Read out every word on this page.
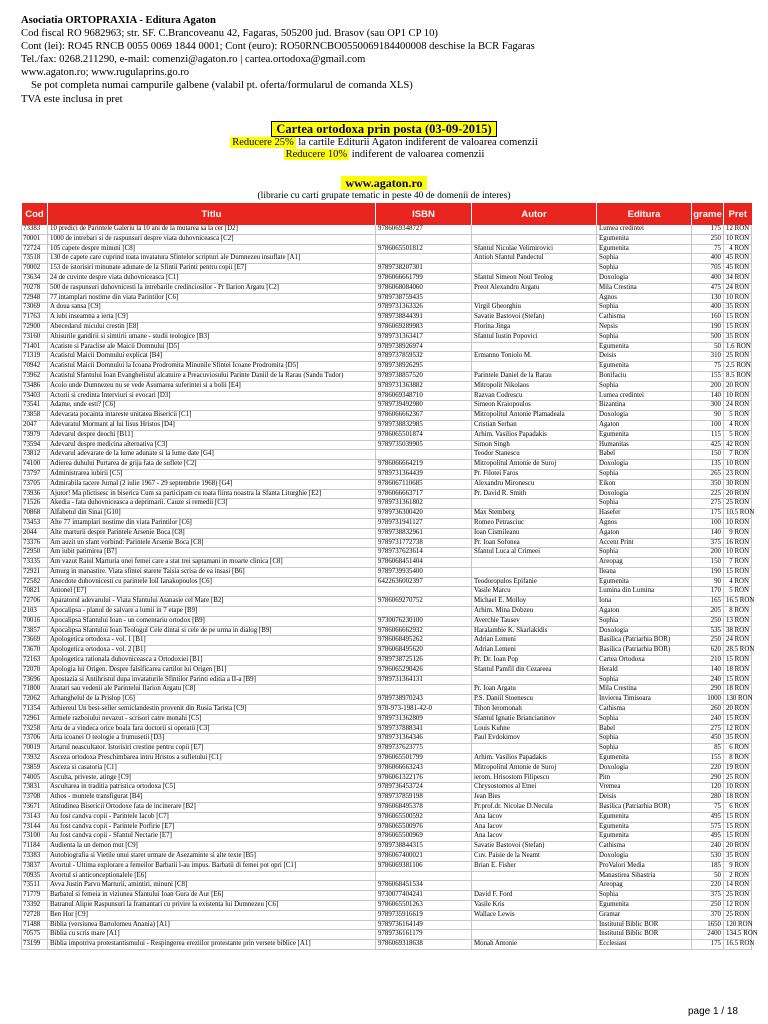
Asociatia ORTOPRAXIA - Editura Agaton
Cod fiscal RO 9682963; str. SF. C.Brancoveanu 42, Fagaras, 505200 jud. Brasov (sau OP1 CP 10)
Cont (lei): RO45 RNCB 0055 0069 1844 0001; Cont (euro): RO50RNCBO0550069184400008 deschise la BCR Fagaras
Tel./fax: 0268.211290, e-mail: comenzi@agaton.ro | cartea.ortodoxa@gmail.com
www.agaton.ro; www.rugulaprins.go.ro
Se pot completa numai campurile galbene (valabil pt. oferta/formularul de comanda XLS)
TVA este inclusa in pret
Cartea ortodoxa prin posta (03-09-2015)
Reducere 25% la cartile Editurii Agaton indiferent de valoarea comenzii
Reducere 10% indiferent de valoarea comenzii
www.agaton.ro
(librarie cu carti grupate tematic in peste 40 de domenii de interes)
Cod	Titlu	ISBN	Autor	Editura	grame	Pret
73383	10 predici de Parintele Galeriu la 10 ani de la mutarea sa la cer [D2]	9786069348727		Lumea credintei	175	12 RON
70001	1000 de intrebari si de raspunsuri despre viata duhovniceasca [C2]			Egumenita	250	10 RON
72724	105 capete despre minuni [C8]	9786065501812	Sfantul Nicolae Velimirovici	Egumenita	75	4 RON
73518	130 de capete care cuprind toata invatatura Sfintelor scripturi ale Dumnezeu insuflate [A1]		Antioh Sfantul Pandectul	Sophia	400	45 RON
70002	153 de istorisiri minunate adunate de la Sfintii Parinti pentru copii [E7]	9789738207301		Sophia	705	45 RON
73634	24 de cuvinte despre viata duhovniceasca [C1]	9786066661799	Sfantul Simeon Noul Teolog	Doxologia	400	34 RON
70278	500 de raspunsuri duhovnicesti la intrebarile credinciosilor - Pr Ilarion Argatu [C2]	9786068084060	Preot Alexandru Argatu	Mila Crestina	475	24 RON
72948	77 intamplari nostime din viata Parintilor [C6]	9789738759435		Agnos	130	10 RON
73069	A doua sansa [C9]	9789731363326	Virgil Gheorghiu	Sophia	400	35 RON
71763	A iubi inseamna a ierta [C9]	9789738844391	Savatie Bastovoi (Stefan)	Cathisma	160	15 RON
72900	Abecedarul micului crestin [E8]	9786069289983	Florina Jinga	Nepsis	190	15 RON
73160	Abisurile gandirii si simtirii umane - studii teologice [B3]	9789731363417	Sfantul Iustin Popovici	Sophia	500	35 RON
71401	Acatiste si Paraclise ale Maicii Domnului [D5]	9789738926974		Egumenita	50	1.6 RON
71319	Acatistul Maicii Domnului explicat [B4]	9789737859532	Ermanno Toniolo M.	Deisis	310	25 RON
70942	Acatistul Maicii Domnului la Icoana Prodromita Minunile Sfintei Icoane Prodromita [D5]	9789738926295		Egumenita	75	2.5 RON
73962	Acatistul Sfantului Ioan Evanghelistul alcatuire a Preacuviosului Parinte Daniil de la Rarau (Sandu Tudor)	9789738857520	Parintele Daniel de la Rarau	Bonifaciu	155	8.5 RON
73486	Acolo unde Dumnezeu nu se vede Asumarea suferintei si a bolii [E4]	9789731363882	Mitropolit Nikolaos	Sophia	200	20 RON
73403	Actorii si credinta Interviuri si evocari [D3]	9786069348710	Razvan Codrescu	Lumea credintei	140	10 RON
73541	Adame, unde esti? [C6]	9789739492980	Simeon Kraiopoulos	Bizantina	300	24 RON
73858	Adevarata pocainta intareste unitatea Bisericii [C1]	9786066662367	Mitropolitul Antonie Plamadeala	Doxologia	90	5 RON
2047	Adevaratul Mormant al lui Iisus Hristos [D4]	9789738832985	Cristian Serban	Agaton	100	4 RON
73979	Adevarul despre deochi [B11]	9786065501874	Arhim. Vasilios Papadakis	Egumenita	115	5 RON
73594	Adevarul despre medicina alternativa [C3]	9789735039905	Simon Singh	Humanitas	425	42 RON
73812	Adevarul adevarate de la lume adunate si la lume date [G4]		Teodor Stanescu	Babel	150	7 RON
74100	Adierea duhului Purtarea de grija fata de suflete [C2]	9786066664219	Mitropolitul Antonie de Suroj	Doxologia	135	10 RON
73797	Administrarea iubirii [C5]	9789731364439	Pr. Filotei Faros	Sophia	265	23 RON
73705	Admirabila tacere Jurnal (2 iulie 1967 - 29 septembrie 1968) [G4]	9786067110685	Alexandru Mironescu	Eikon	350	30 RON
73936	Ajutor! Ma plictisesc in biserica Cum sa participam cu toata fiinta noastra la Sfanta Liturghie [E2]	9786066663717	Pr. David R. Smith	Doxologia	225	20 RON
71526	Akedia - fata duhovniceasca a deprimarii. Cauze si remedii [C3]	9789731361802		Sophia	275	25 RON
70868	Alfabetul din Sinai [G10]	9789736300420	Max Stemberg	Hasefer	175	10.5 RON
73453	Alte 77 intamplari nostime din viata Parintilor [C6]	9789731941127	Romeo Petrasciuc	Agnos	100	10 RON
2044	Alte marturii despre Parintele Arsenie Boca [C8]	9789738832961	Ioan Cismileanu	Agaton	140	9 RON
73376	Am auzit un sfant vorbind: Parintele Arsenie Boca [C8]	9789731772738	Pr. Ioan Sofonea	Accent Print	375	16 RON
72950	Am iubit patimirea [B7]	9789737623614	Sfantul Luca al Crimeei	Sophia	200	10 RON
73335	Am vazut Raiul Marturia unei femei care a stat trei saptamani in moarte clinica [C8]	9786068451404		Areopag	150	7 RON
72921	Amurg in manastire. Viata sfintei starete Taisia scrisa de ea insasi [B6]	9789739935400		Ileana	190	15 RON
72582	Anecdote duhovnicesti cu parintele Ioil Ianakopoulos [C6]	6422636002397	Teodoropulos Epifanie	Egumenita	90	4 RON
70821	Antonel [E7]		Vasile Marcu	Lumina din Lumina	170	5 RON
72706	Aparatorul adevarului - Viata Sfantului Atanasie cel Mare [B2]	9786069270752	Michael E. Molloy	Iona	165	16.5 RON
2103	Apocalipsa - planul de salvare a lumii in 7 etape [B9]		Arhim. Mina Dobzeu	Agaton	205	8 RON
70016	Apocalipsa Sfantului Ioan - un comentariu ortodox [B9]	9730076230100	Averchie Tausev	Sophia	250	13 RON
73857	Apocalipsa Sfantului Ioan Teologul Cele dintai si cele de pe urma in dialog [B9]	9786066662932	Haralambie K. Skarlakidis	Doxologia	535	38 RON
73669	Apologetica ortodoxa - vol. 1 [B1]	9786068495262	Adrian Lemeni	Basilica (Patriarhia BOR)	250	24 RON
73670	Apologetica ortodoxa - vol. 2 [B1]	9786068495620	Adrian Lemeni	Basilica (Patriarhia BOR)	620	28.5 RON
72163	Apologetica rationala duhovniceasca a Ortodoxiei [B1]	9789738725126	Pr. Dr. Ioan Pop	Cartea Ortodoxa	210	15 RON
72070	Apologia lui Origen. Despre falsificarea cartilor lui Origen [B1]	9786065290426	Sfantul Pamfil din Cezareea	Herald	140	18 RON
73696	Apostazia si Antihristul dupa invataturile Sfintilor Parinti editia a II-a [B9]	9789731364131		Sophia	240	15 RON
71800	Aratari sau vedenii ale Parintelui Ilarion Argatu [C8]		Pr. Ioan Argatu	Mila Crestina	290	18 RON
72062	Arhanghelul de la Prislop [C6]	9789738970243	P.S. Daniil Stoenescu	Invierea Timisoara	1000	130 RON
71354	Arhiereul Un best-seller semiclandestin provenit din Rusia Tarista [C9]	978-973-1981-42-0	Tihon Ieromonah	Cathisma	260	20 RON
72961	Armele razboiului nevazut - scrisori catre monahi [C5]	9789731362809	Sfantul Ignatie Briancianinov	Sophia	240	15 RON
73258	Arta de a vindeca orice boala fara doctorii si operatii [C3]	9789737888341	Louis Kuhne	Babel	275	12 RON
73706	Arta icoanei O teologie a frumusetii [D3]	9789731364346	Paul Evdokimov	Sophia	450	35 RON
70019	Artarul neascultator. Istorisiri crestine pentru copii [E7]	9789737623775		Sophia	85	6 RON
73932	Asceza ortodoxa Preschimbarea intru Hristos a sufletului [C1]	9786065501799	Arhim. Vasilios Papadakis	Egumenita	155	8 RON
73859	Asceza si casatoria [C1]	9786066663243	Mitropolitul Antonie de Suroj	Doxologia	220	19 RON
74005	Asculta, priveste, atinge [C9]	9786061322176	ierom. Hrisostom Filipescu	Pim	290	25 RON
73831	Ascultarea in traditia patristica ortodoxa [C5]	9789736453724	Chrysostomos al Etnei	Vremea	120	10 RON
73708	Athos - muntele transfigurat [B4]	9789737859198	Jean Bies	Deisis	280	18 RON
73671	Atitudinea Bisericii Ortodoxe fata de incinerare [B2]	9786068495378	Pr.prof.dr. Nicolae D.Necula	Basilica (Patriarhia BOR)	75	6 RON
73143	Au fost candva copii - Parintele Iacob [C7]	9786065500592	Ana Iacov	Egumenita	495	15 RON
73144	Au fost candva copii - Parintele Porfirie [E7]	9786065500976	Ana Iacov	Egumenita	575	15 RON
73100	Au fost candva copii - Sfantul Nectarie [E7]	9786065500969	Ana Iacov	Egumenita	495	15 RON
71184	Audienta la un demon mut [C9]	9789738844315	Savatie Bastovoi (Stefan)	Cathisma	240	20 RON
73383	Autobiografia si Vietile unui staret urmate de Asezaminte si alte texte [B5]	9786067400021	Cuv. Paisie de la Neamt	Doxologia	530	35 RON
73837	Avortul - Ultima explorare a femeilor Barbatii l-au impus. Barbatii di femei pot opri [C1]	9786069381106	Brian E. Fisher	ProValori Media	185	9 RON
70935	Avortul si anticonceptionalele [E6]			Manastirea Sihastria	50	2 RON
73511	Avva Justin Parvu Marturii, amintiri, minuni [C8]	9786068451534		Areopag	220	14 RON
71779	Barbatul si femeia in viziunea Sfantului Ioan Gura de Aur [E6]	9730077404241	David F. Ford	Sophia	375	25 RON
73392	Batranul Alipie Raspunsuri la framantari cu privire la existenta lui Dumnezeu [C6]	9786065501263	Vasile Kris	Egumenita	250	12 RON
72728	Ben Hur [C9]	9789735916619	Wallace Lewis	Gramar	370	25 RON
71488	Biblia (versiunea Bartolomeu Anania) [A1]	9789736164149		Institutul Biblic BOR	1650	120 RON
70575	Biblia cu scris mare [A1]	9789736161179		Institutul Biblic BOR	2400	134.5 RON
73199	Biblia impotriva protestantismului - Respingerea ereziilor protestante prin versete biblice [A1]	9786069318638	Monah Antonie	Ecclesiast	175	16.5 RON
page 1 / 18
